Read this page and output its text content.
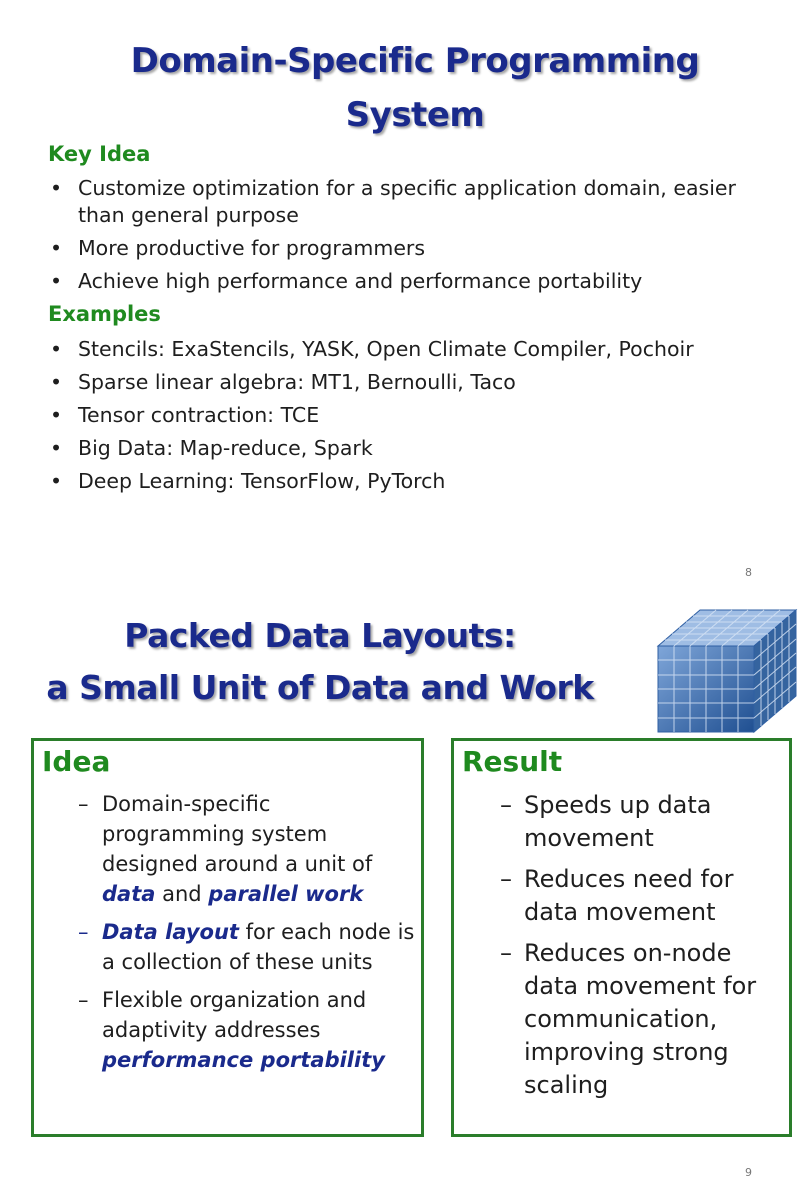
Domain-Specific Programming System
Key Idea
• Customize optimization for a specific application domain, easier than general purpose
• More productive for programmers
• Achieve high performance and performance portability
Examples
• Stencils: ExaStencils, YASK, Open Climate Compiler, Pochoir
• Sparse linear algebra: MT1, Bernoulli, Taco
• Tensor contraction: TCE
• Big Data: Map-reduce, Spark
• Deep Learning: TensorFlow, PyTorch
8
Packed Data Layouts:
a Small Unit of Data and Work
Idea
– Domain-specific programming system designed around a unit of data and parallel work
– Data layout for each node is a collection of these units
– Flexible organization and adaptivity addresses performance portability
Result
– Speeds up data movement
– Reduces need for data movement
– Reduces on-node data movement for communication, improving strong scaling
9
